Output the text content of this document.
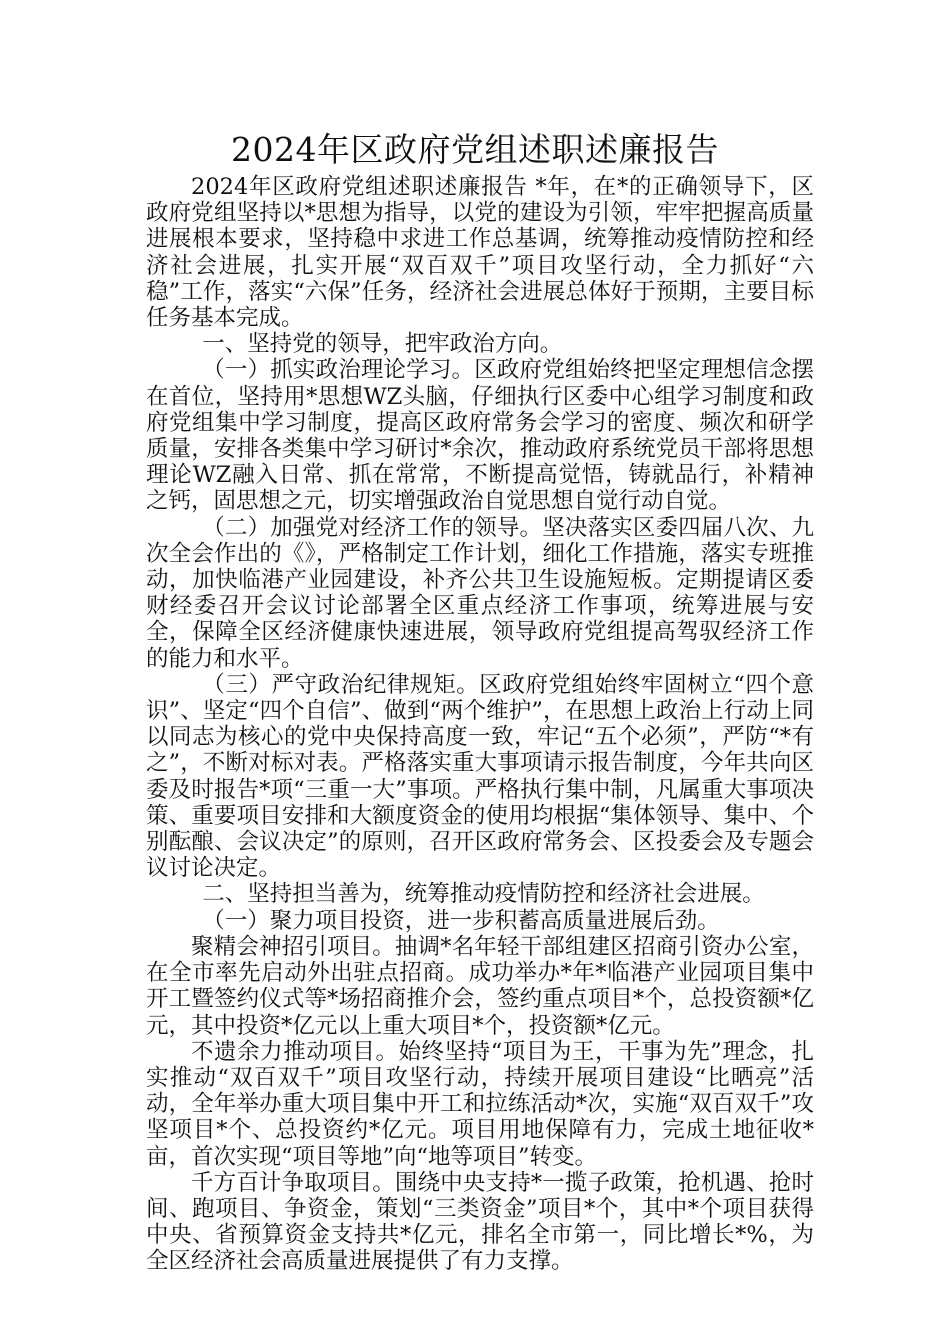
2024年区政府党组述职述廉报告

2024年区政府党组述职述廉报告 *年，在*的正确领导下，区政府党组坚持以*思想为指导，以党的建设为引领，牢牢把握高质量进展根本要求，坚持稳中求进工作总基调，统筹推动疫情防控和经济社会进展，扎实开展“双百双千”项目攻坚行动，全力抓好“六稳”工作，落实“六保”任务，经济社会进展总体好于预期，主要目标任务基本完成。

一、坚持党的领导，把牢政治方向。

（一）抓实政治理论学习。区政府党组始终把坚定理想信念摆在首位，坚持用*思想WZ头脑，仔细执行区委中心组学习制度和政府党组集中学习制度，提高区政府常务会学习的密度、频次和研学质量，安排各类集中学习研讨*余次，推动政府系统党员干部将思想理论WZ融入日常、抓在常常，不断提高觉悟，铸就品行，补精神之钙，固思想之元，切实增强政治自觉思想自觉行动自觉。

（二）加强党对经济工作的领导。坚决落实区委四届八次、九次全会作出的《》，严格制定工作计划，细化工作措施，落实专班推动，加快临港产业园建设，补齐公共卫生设施短板。定期提请区委财经委召开会议讨论部署全区重点经济工作事项，统筹进展与安全，保障全区经济健康快速进展，领导政府党组提高驾驭经济工作的能力和水平。

（三）严守政治纪律规矩。区政府党组始终牢固树立“四个意识”、坚定“四个自信”、做到“两个维护”，在思想上政治上行动上同以同志为核心的党中央保持高度一致，牢记“五个必须”，严防“*有之”，不断对标对表。严格落实重大事项请示报告制度，今年共向区委及时报告*项“三重一大”事项。严格执行集中制，凡属重大事项决策、重要项目安排和大额度资金的使用均根据“集体领导、集中、个别酝酿、会议决定”的原则，召开区政府常务会、区投委会及专题会议讨论决定。

二、坚持担当善为，统筹推动疫情防控和经济社会进展。

（一）聚力项目投资，进一步积蓄高质量进展后劲。

聚精会神招引项目。抽调*名年轻干部组建区招商引资办公室，在全市率先启动外出驻点招商。成功举办*年*临港产业园项目集中开工暨签约仪式等*场招商推介会，签约重点项目*个，总投资额*亿元，其中投资*亿元以上重大项目*个，投资额*亿元。

不遗余力推动项目。始终坚持“项目为王，干事为先”理念，扎实推动“双百双千”项目攻坚行动，持续开展项目建设“比晒亮”活动，全年举办重大项目集中开工和拉练活动*次，实施“双百双千”攻坚项目*个、总投资约*亿元。项目用地保障有力，完成土地征收*亩，首次实现“项目等地”向“地等项目”转变。

千方百计争取项目。围绕中央支持*一揽子政策，抢机遇、抢时间、跑项目、争资金，策划“三类资金”项目*个，其中*个项目获得中央、省预算资金支持共*亿元，排名全市第一，同比增长*%，为全区经济社会高质量进展提供了有力支撑。
